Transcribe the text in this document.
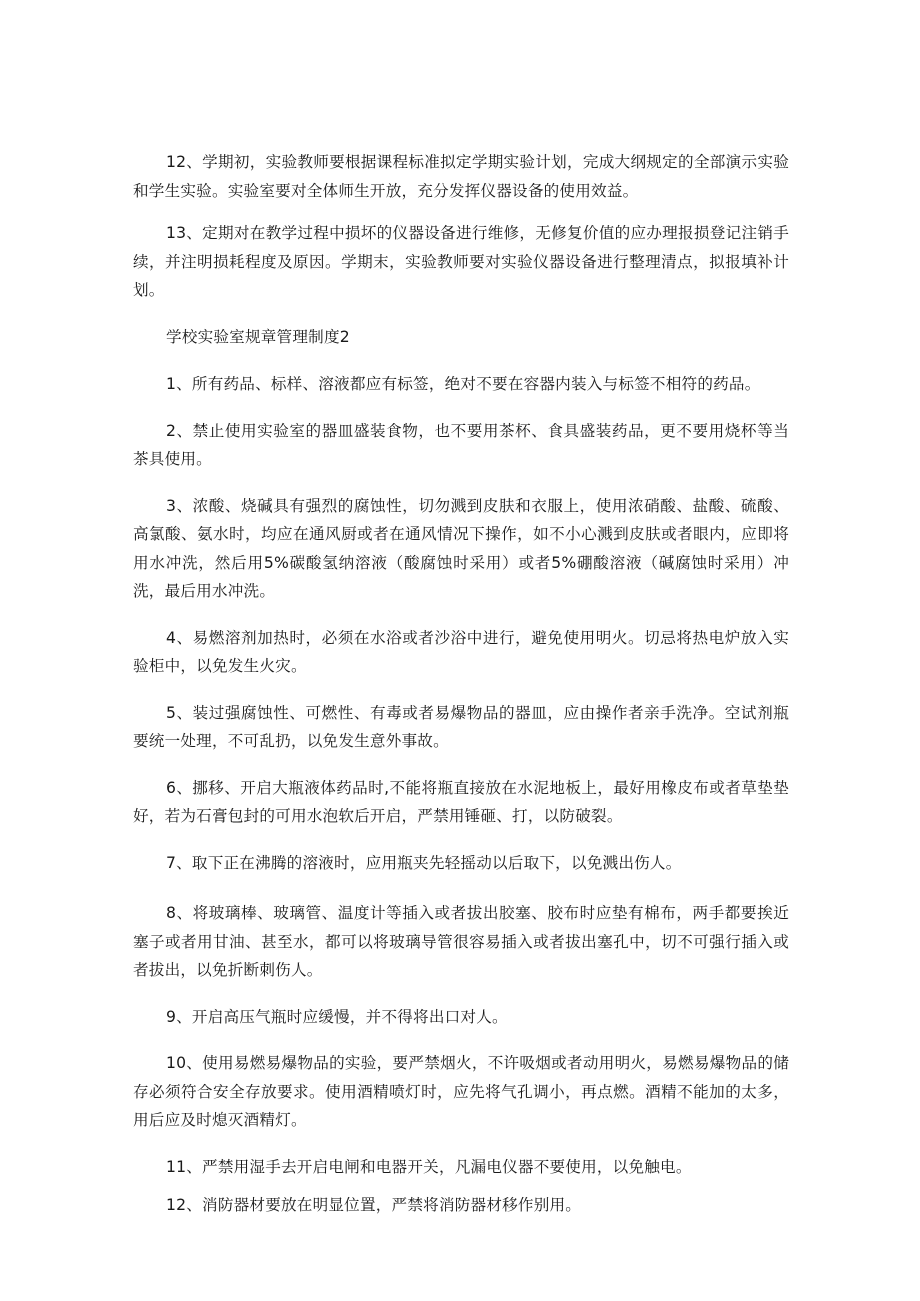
12、学期初，实验教师要根据课程标准拟定学期实验计划，完成大纲规定的全部演示实验和学生实验。实验室要对全体师生开放，充分发挥仪器设备的使用效益。

13、定期对在教学过程中损坏的仪器设备进行维修，无修复价值的应办理报损登记注销手续，并注明损耗程度及原因。学期末，实验教师要对实验仪器设备进行整理清点，拟报填补计划。

学校实验室规章管理制度2

1、所有药品、标样、溶液都应有标签，绝对不要在容器内装入与标签不相符的药品。

2、禁止使用实验室的器皿盛装食物，也不要用茶杯、食具盛装药品，更不要用烧杯等当茶具使用。

3、浓酸、烧碱具有强烈的腐蚀性，切勿溅到皮肤和衣服上，使用浓硝酸、盐酸、硫酸、高氯酸、氨水时，均应在通风厨或者在通风情况下操作，如不小心溅到皮肤或者眼内，应即将用水冲洗，然后用5%碳酸氢纳溶液（酸腐蚀时采用）或者5%硼酸溶液（碱腐蚀时采用）冲洗，最后用水冲洗。

4、易燃溶剂加热时，必须在水浴或者沙浴中进行，避免使用明火。切忌将热电炉放入实验柜中，以免发生火灾。

5、装过强腐蚀性、可燃性、有毒或者易爆物品的器皿，应由操作者亲手洗净。空试剂瓶要统一处理，不可乱扔，以免发生意外事故。

6、挪移、开启大瓶液体药品时,不能将瓶直接放在水泥地板上，最好用橡皮布或者草垫垫好，若为石膏包封的可用水泡软后开启，严禁用锤砸、打，以防破裂。

7、取下正在沸腾的溶液时，应用瓶夹先轻摇动以后取下，以免溅出伤人。

8、将玻璃棒、玻璃管、温度计等插入或者拔出胶塞、胶布时应垫有棉布，两手都要挨近塞子或者用甘油、甚至水，都可以将玻璃导管很容易插入或者拔出塞孔中，切不可强行插入或者拔出，以免折断刺伤人。

9、开启高压气瓶时应缓慢，并不得将出口对人。

10、使用易燃易爆物品的实验，要严禁烟火，不许吸烟或者动用明火，易燃易爆物品的储存必须符合安全存放要求。使用酒精喷灯时，应先将气孔调小，再点燃。酒精不能加的太多，用后应及时熄灭酒精灯。

11、严禁用湿手去开启电闸和电器开关，凡漏电仪器不要使用，以免触电。

12、消防器材要放在明显位置，严禁将消防器材移作别用。
